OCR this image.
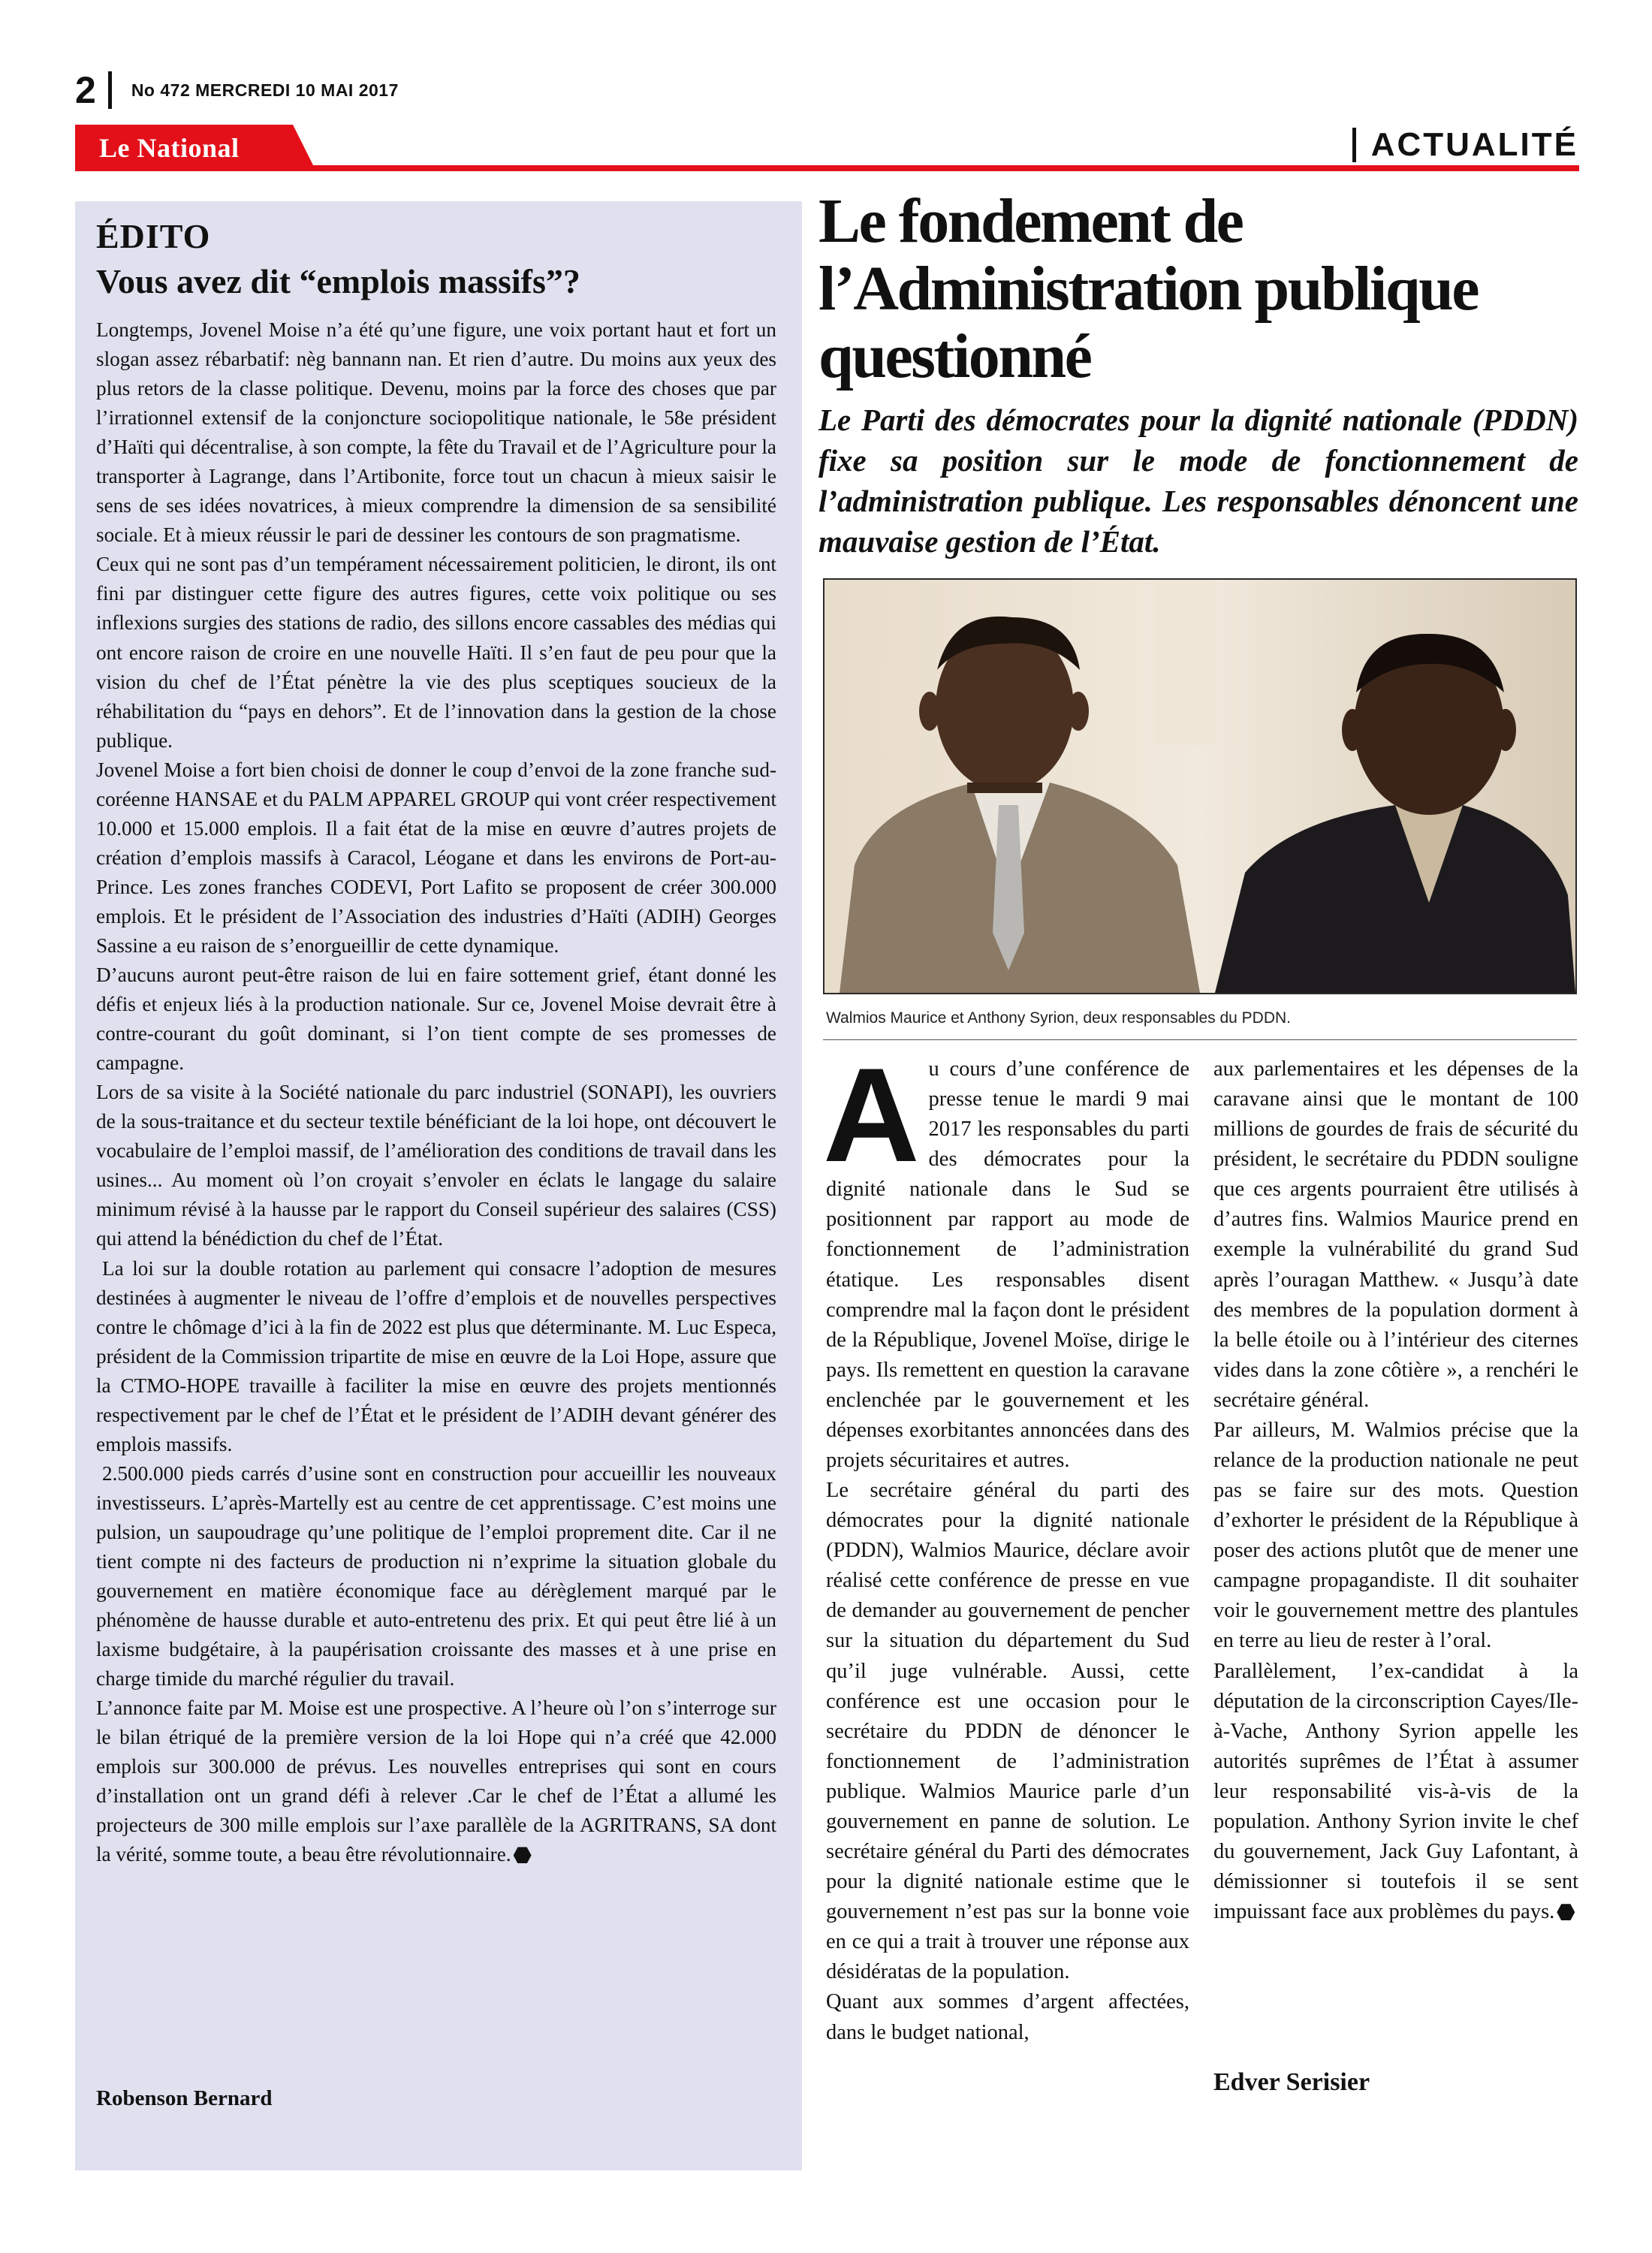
2 No 472 MERCREDI 10 MAI 2017
Le National	ACTUALITÉ
ÉDITO
Vous avez dit “emplois massifs”?

Longtemps, Jovenel Moise n’a été qu’une figure, une voix portant haut et fort un slogan assez rébarbatif: nèg bannann nan. Et rien d’autre. Du moins aux yeux des plus retors de la classe politique. Devenu, moins par la force des choses que par l’irrationnel extensif de la conjoncture sociopolitique nationale, le 58e président d’Haïti qui décentralise, à son compte, la fête du Travail et de l’Agriculture pour la transporter à Lagrange, dans l’Artibonite, force tout un chacun à mieux saisir le sens de ses idées novatrices, à mieux comprendre la dimension de sa sensibilité sociale. Et à mieux réussir le pari de dessiner les contours de son pragmatisme.

Ceux qui ne sont pas d’un tempérament nécessairement politicien, le diront, ils ont fini par distinguer cette figure des autres figures, cette voix politique ou ses inflexions surgies des stations de radio, des sillons encore cassables des médias qui ont encore raison de croire en une nouvelle Haïti. Il s’en faut de peu pour que la vision du chef de l’État pénètre la vie des plus sceptiques soucieux de la réhabilitation du “pays en dehors”. Et de l’innovation dans la gestion de la chose publique.

Jovenel Moise a fort bien choisi de donner le coup d’envoi de la zone franche sud-coréenne HANSAE et du PALM APPAREL GROUP qui vont créer respectivement 10.000 et 15.000 emplois. Il a fait état de la mise en œuvre d’autres projets de création d’emplois massifs à Caracol, Léogane et dans les environs de Port-au-Prince. Les zones franches CODEVI, Port Lafito se proposent de créer 300.000 emplois. Et le président de l’Association des industries d’Haïti (ADIH) Georges Sassine a eu raison de s’enorgueillir de cette dynamique.

D’aucuns auront peut-être raison de lui en faire sottement grief, étant donné les défis et enjeux liés à la production nationale. Sur ce, Jovenel Moise devrait être à contre-courant du goût dominant, si l’on tient compte de ses promesses de campagne.

Lors de sa visite à la Société nationale du parc industriel (SONAPI), les ouvriers de la sous-traitance et du secteur textile bénéficiant de la loi hope, ont découvert le vocabulaire de l’emploi massif, de l’amélioration des conditions de travail dans les usines... Au moment où l’on croyait s’envoler en éclats le langage du salaire minimum révisé à la hausse par le rapport du Conseil supérieur des salaires (CSS) qui attend la bénédiction du chef de l’État.

La loi sur la double rotation au parlement qui consacre l’adoption de mesures destinées à augmenter le niveau de l’offre d’emplois et de nouvelles perspectives contre le chômage d’ici à la fin de 2022 est plus que déterminante. M. Luc Especa, président de la Commission tripartite de mise en œuvre de la Loi Hope, assure que la CTMO-HOPE travaille à faciliter la mise en œuvre des projets mentionnés respectivement par le chef de l’État et le président de l’ADIH devant générer des emplois massifs.

2.500.000 pieds carrés d’usine sont en construction pour accueillir les nouveaux investisseurs. L’après-Martelly est au centre de cet apprentissage. C’est moins une pulsion, un saupoudrage qu’une politique de l’emploi proprement dite. Car il ne tient compte ni des facteurs de production ni n’exprime la situation globale du gouvernement en matière économique face au dérèglement marqué par le phénomène de hausse durable et auto-entretenu des prix. Et qui peut être lié à un laxisme budgétaire, à la paupérisation croissante des masses et à une prise en charge timide du marché régulier du travail.

L’annonce faite par M. Moise est une prospective. A l’heure où l’on s’interroge sur le bilan étriqué de la première version de la loi Hope qui n’a créé que 42.000 emplois sur 300.000 de prévus. Les nouvelles entreprises qui sont en cours d’installation ont un grand défi à relever .Car le chef de l’État a allumé les projecteurs de 300 mille emplois sur l’axe parallèle de la AGRITRANS, SA dont la vérité, somme toute, a beau être révolutionnaire.

Robenson Bernard
Le fondement de l’Administration publique questionné

Le Parti des démocrates pour la dignité nationale (PDDN) fixe sa position sur le mode de fonctionnement de l’administration publique. Les responsables dénoncent une mauvaise gestion de l’État.

Walmios Maurice et Anthony Syrion, deux responsables du PDDN.

Au cours d’une conférence de presse tenue le mardi 9 mai 2017 les responsables du parti des démocrates pour la dignité nationale dans le Sud se positionnent par rapport au mode de fonctionnement de l’administration étatique. Les responsables disent comprendre mal la façon dont le président de la République, Jovenel Moïse, dirige le pays. Ils remettent en question la caravane enclenchée par le gouvernement et les dépenses exorbitantes annoncées dans des projets sécuritaires et autres.

Le secrétaire général du parti des démocrates pour la dignité nationale (PDDN), Walmios Maurice, déclare avoir réalisé cette conférence de presse en vue de demander au gouvernement de pencher sur la situation du département du Sud qu’il juge vulnérable. Aussi, cette conférence est une occasion pour le secrétaire du PDDN de dénoncer le fonctionnement de l’administration publique. Walmios Maurice parle d’un gouvernement en panne de solution. Le secrétaire général du Parti des démocrates pour la dignité nationale estime que le gouvernement n’est pas sur la bonne voie en ce qui a trait à trouver une réponse aux désidératas de la population.

Quant aux sommes d’argent affectées, dans le budget national,

aux parlementaires et les dépenses de la caravane ainsi que le montant de 100 millions de gourdes de frais de sécurité du président, le secrétaire du PDDN souligne que ces argents pourraient être utilisés à d’autres fins. Walmios Maurice prend en exemple la vulnérabilité du grand Sud après l’ouragan Matthew. « Jusqu’à date des membres de la population dorment à la belle étoile ou à l’intérieur des citernes vides dans la zone côtière », a renchéri le secrétaire général.

Par ailleurs, M. Walmios précise que la relance de la production nationale ne peut pas se faire sur des mots. Question d’exhorter le président de la République à poser des actions plutôt que de mener une campagne propagandiste. Il dit souhaiter voir le gouvernement mettre des plantules en terre au lieu de rester à l’oral.

Parallèlement, l’ex-candidat à la députation de la circonscription Cayes/Ile-à-Vache, Anthony Syrion appelle les autorités suprêmes de l’État à assumer leur responsabilité vis-à-vis de la population. Anthony Syrion invite le chef du gouvernement, Jack Guy Lafontant, à démissionner si toutefois il se sent impuissant face aux problèmes du pays.

Edver Serisier
